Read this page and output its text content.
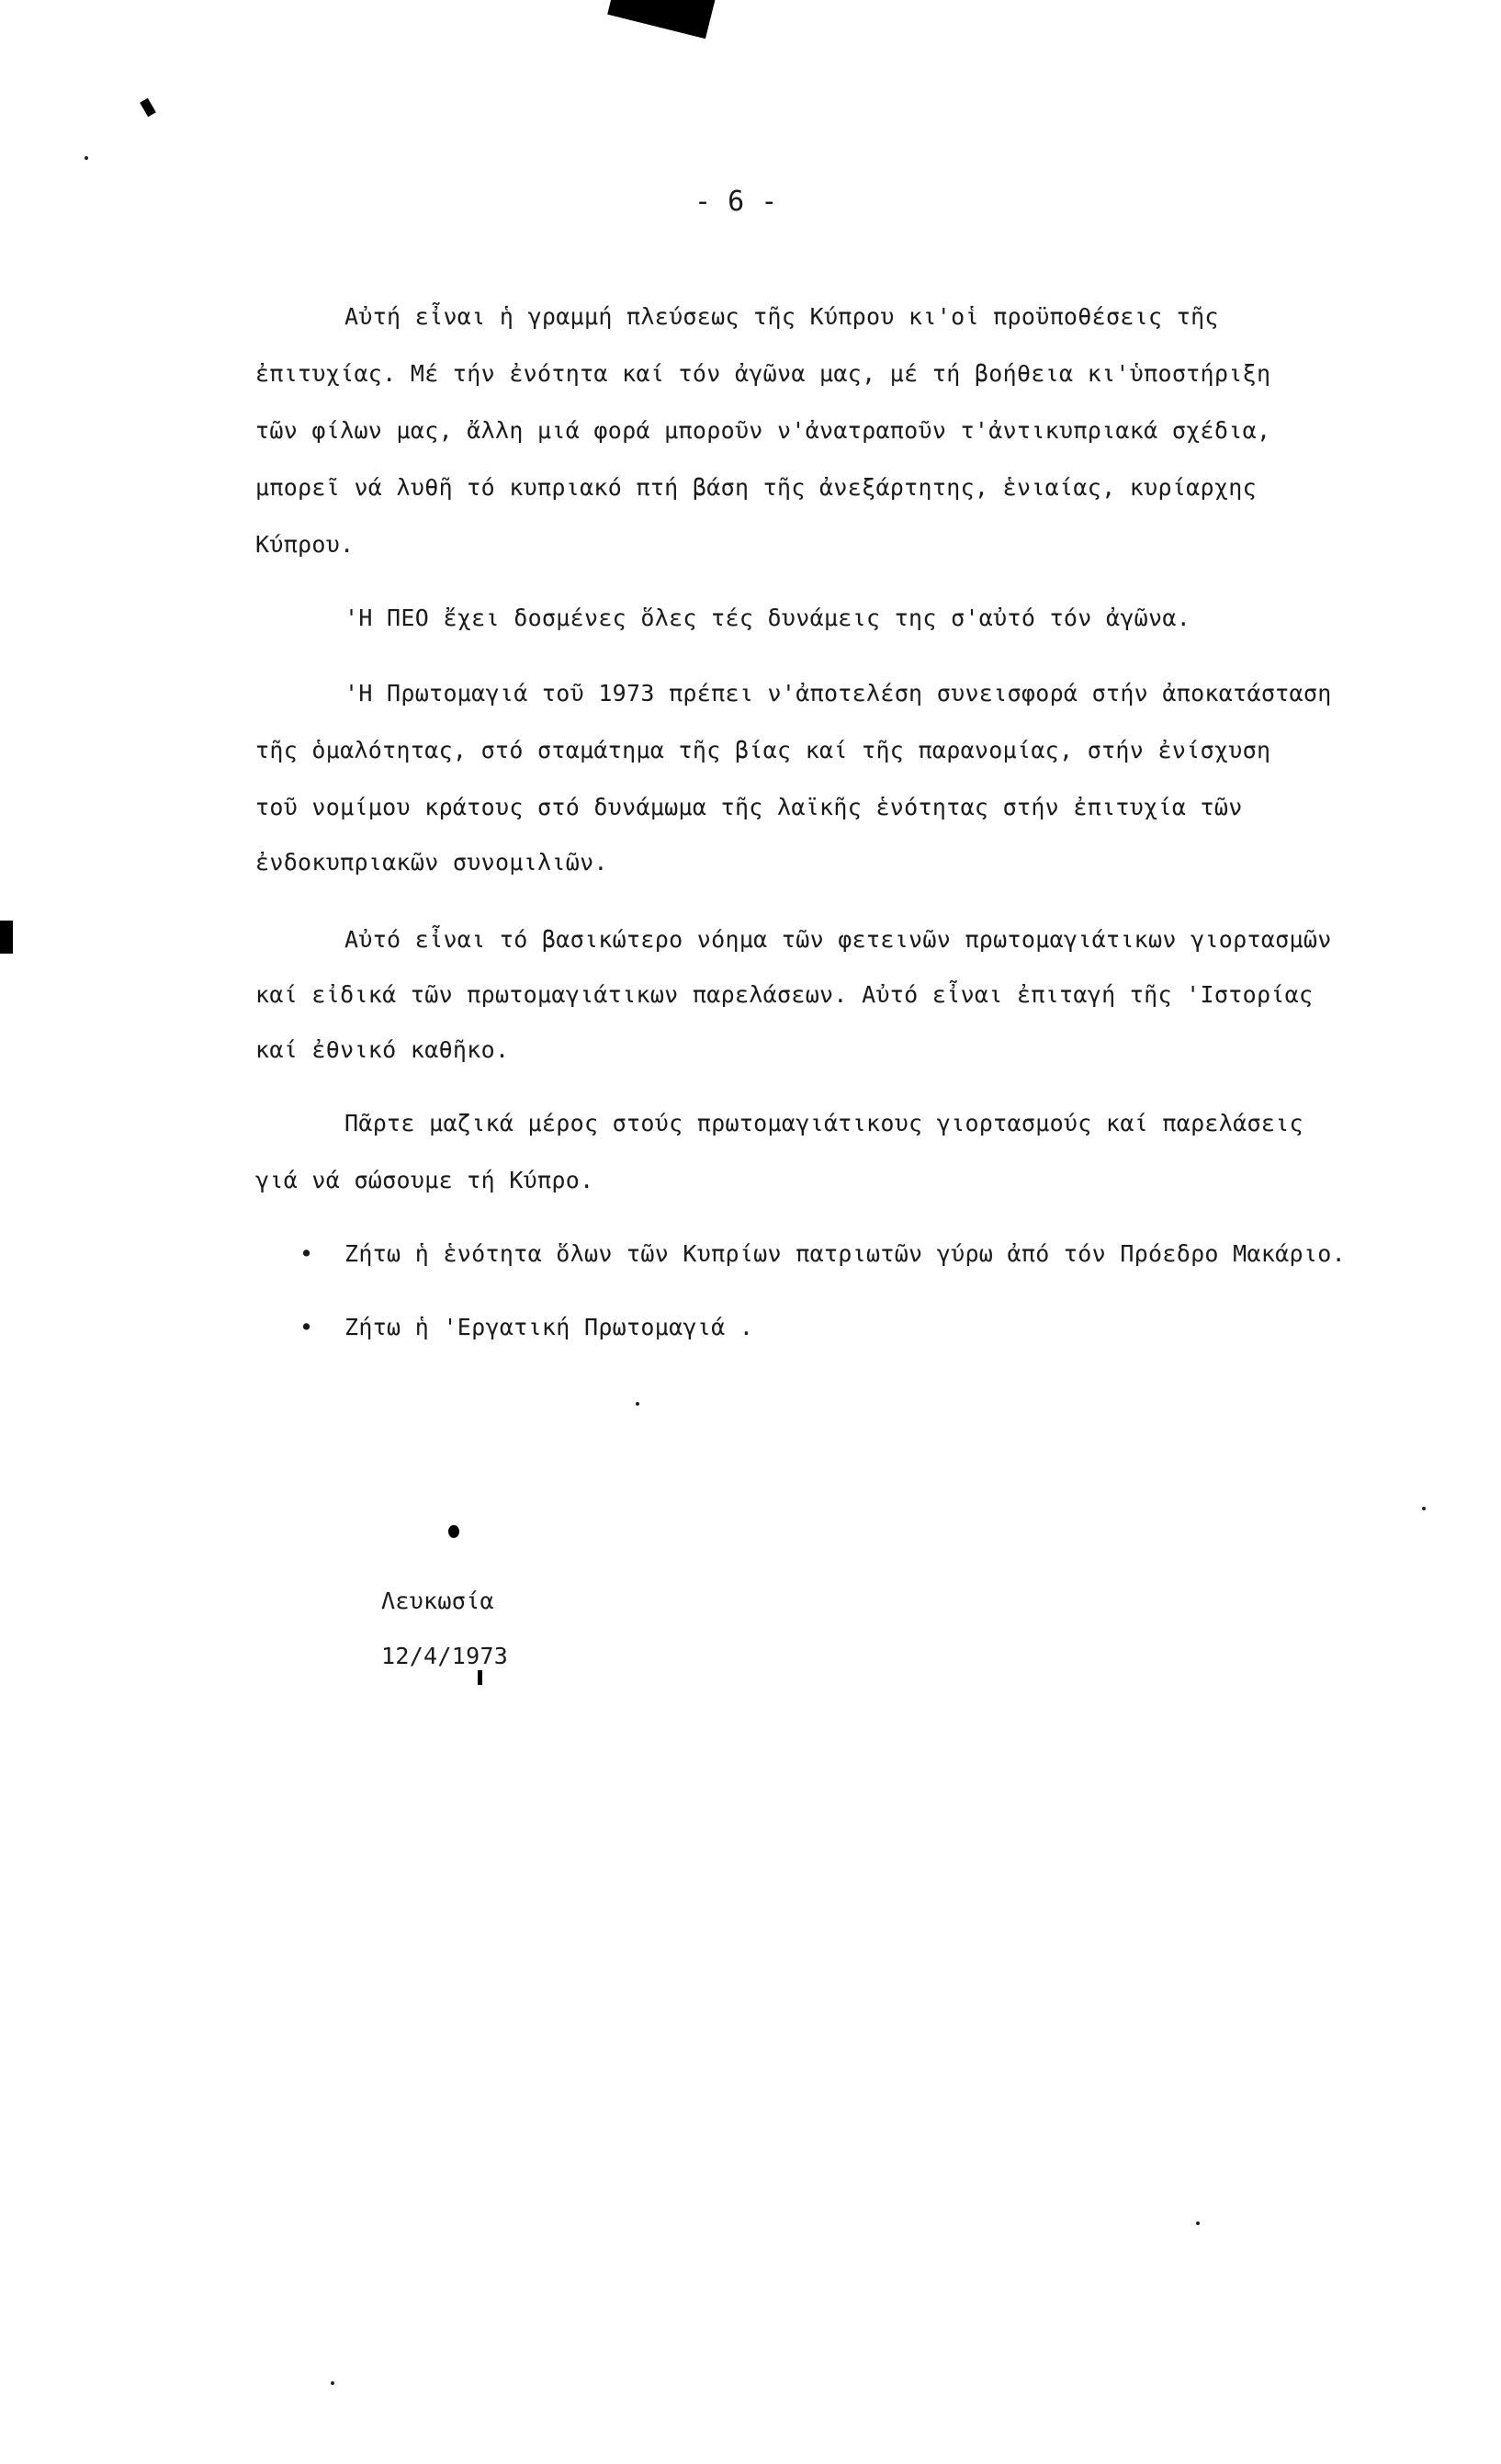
- 6 -
Αὐτή εἶναι ἡ γραμμή πλεύσεως τῆς Κύπρου κι'οἱ προϋποθέσεις τῆς
ἐπιτυχίας. Μέ τήν ἐνότητα καί τόν ἀγῶνα μας, μέ τή βοήθεια κι'ὑποστήριξη
τῶν φίλων μας, ἄλλη μιά φορά μποροῦν ν'ἀνατραποῦν τ'ἀντικυπριακά σχέδια,
μπορεῖ νά λυθῆ τό κυπριακό πτή βάση τῆς ἀνεξάρτητης, ἑνιαίας, κυρίαρχης
Κύπρου.
'Η ΠΕΟ ἔχει δοσμένες ὅλες τές δυνάμεις της σ'αὐτό τόν ἀγῶνα.
'Η Πρωτομαγιά τοῦ 1973 πρέπει ν'ἀποτελέση συνεισφορά στήν ἀποκατάσταση
τῆς ὁμαλότητας, στό σταμάτημα τῆς βίας καί τῆς παρανομίας, στήν ἐνίσχυση
τοῦ νομίμου κράτους στό δυνάμωμα τῆς λαϊκῆς ἑνότητας στήν ἐπιτυχία τῶν
ἐνδοκυπριακῶν συνομιλιῶν.
Αὐτό εἶναι τό βασικώτερο νόημα τῶν φετεινῶν πρωτομαγιάτικων γιορτασμῶν
καί εἰδικά τῶν πρωτομαγιάτικων παρελάσεων. Αὐτό εἶναι ἐπιταγή τῆς 'Ιστορίας
καί ἐθνικό καθῆκο.
Πᾶρτε μαζικά μέρος στούς πρωτομαγιάτικους γιορτασμούς καί παρελάσεις
γιά νά σώσουμε τή Κύπρο.
• Ζήτω ἡ ἑνότητα ὅλων τῶν Κυπρίων πατριωτῶν γύρω ἀπό τόν Πρόεδρο Μακάριο.
• Ζήτω ἡ 'Εργατική Πρωτομαγιά .
Λευκωσία
12/4/1973
